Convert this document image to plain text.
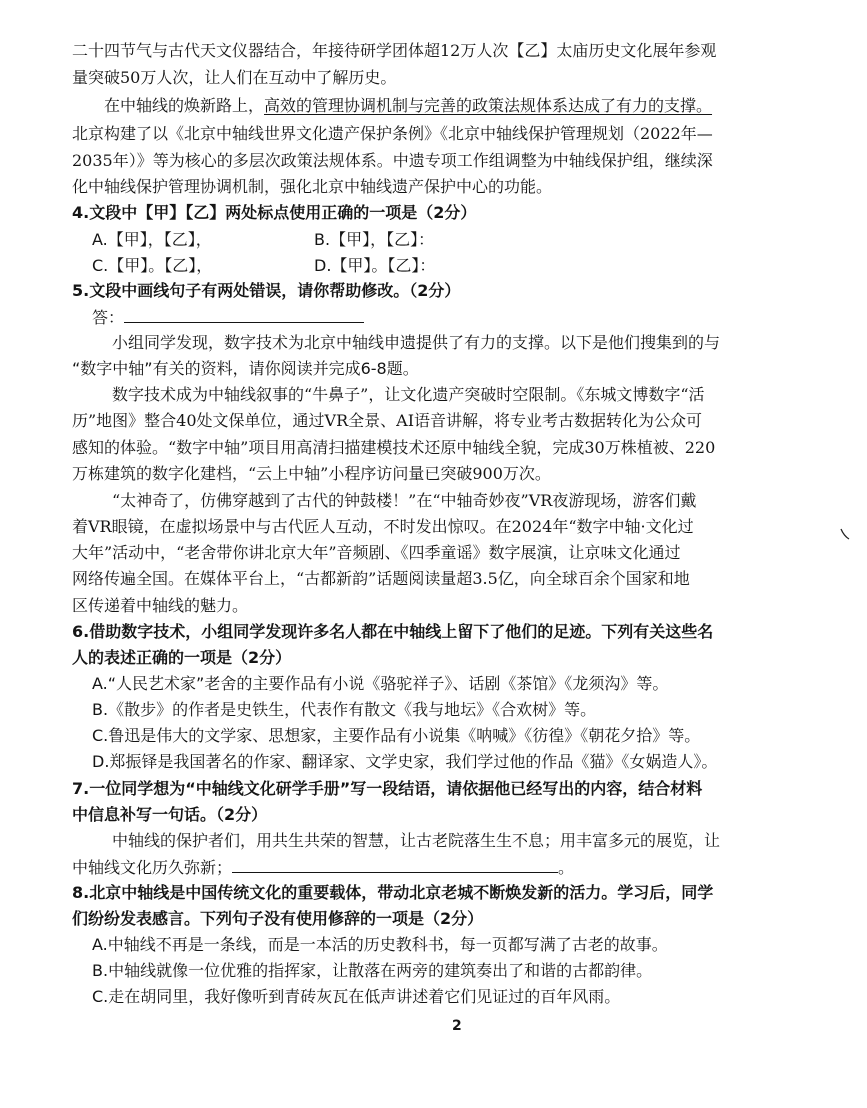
二十四节气与古代天文仪器结合，年接待研学团体超12万人次【乙】太庙历史文化展年参观
量突破50万人次，让人们在互动中了解历史。
在中轴线的焕新路上，高效的管理协调机制与完善的政策法规体系达成了有力的支撑。
北京构建了以《北京中轴线世界文化遗产保护条例》《北京中轴线保护管理规划（2022年—
2035年）》等为核心的多层次政策法规体系。中遗专项工作组调整为中轴线保护组，继续深
化中轴线保护管理协调机制，强化北京中轴线遗产保护中心的功能。
4.文段中【甲】【乙】两处标点使用正确的一项是（2分）
A.【甲】，【乙】，	B.【甲】，【乙】：
C.【甲】。【乙】，	D.【甲】。【乙】：
5.文段中画线句子有两处错误，请你帮助修改。（2分）
答：
小组同学发现，数字技术为北京中轴线申遗提供了有力的支撑。以下是他们搜集到的与
“数字中轴”有关的资料，请你阅读并完成6-8题。
数字技术成为中轴线叙事的“牛鼻子”，让文化遗产突破时空限制。《东城文博数字“活
历”地图》整合40处文保单位，通过VR全景、AI语音讲解，将专业考古数据转化为公众可
感知的体验。“数字中轴”项目用高清扫描建模技术还原中轴线全貌，完成30万株植被、220
万栋建筑的数字化建档，“云上中轴”小程序访问量已突破900万次。
“太神奇了，仿佛穿越到了古代的钟鼓楼！”在“中轴奇妙夜”VR夜游现场，游客们戴
着VR眼镜，在虚拟场景中与古代匠人互动，不时发出惊叹。在2024年“数字中轴·文化过
大年”活动中，“老舍带你讲北京大年”音频剧、《四季童谣》数字展演，让京味文化通过
网络传遍全国。在媒体平台上，“古都新韵”话题阅读量超3.5亿，向全球百余个国家和地
区传递着中轴线的魅力。
6.借助数字技术，小组同学发现许多名人都在中轴线上留下了他们的足迹。下列有关这些名
人的表述正确的一项是（2分）
A.“人民艺术家”老舍的主要作品有小说《骆驼祥子》、话剧《茶馆》《龙须沟》等。
B.《散步》的作者是史铁生，代表作有散文《我与地坛》《合欢树》等。
C.鲁迅是伟大的文学家、思想家，主要作品有小说集《呐喊》《彷徨》《朝花夕拾》等。
D.郑振铎是我国著名的作家、翻译家、文学史家，我们学过他的作品《猫》《女娲造人》。
7.一位同学想为“中轴线文化研学手册”写一段结语，请依据他已经写出的内容，结合材料
中信息补写一句话。（2分）
中轴线的保护者们，用共生共荣的智慧，让古老院落生生不息；用丰富多元的展览，让
中轴线文化历久弥新；	。
8.北京中轴线是中国传统文化的重要载体，带动北京老城不断焕发新的活力。学习后，同学
们纷纷发表感言。下列句子没有使用修辞的一项是（2分）
A.中轴线不再是一条线，而是一本活的历史教科书，每一页都写满了古老的故事。
B.中轴线就像一位优雅的指挥家，让散落在两旁的建筑奏出了和谐的古都韵律。
C.走在胡同里，我好像听到青砖灰瓦在低声讲述着它们见证过的百年风雨。
2
